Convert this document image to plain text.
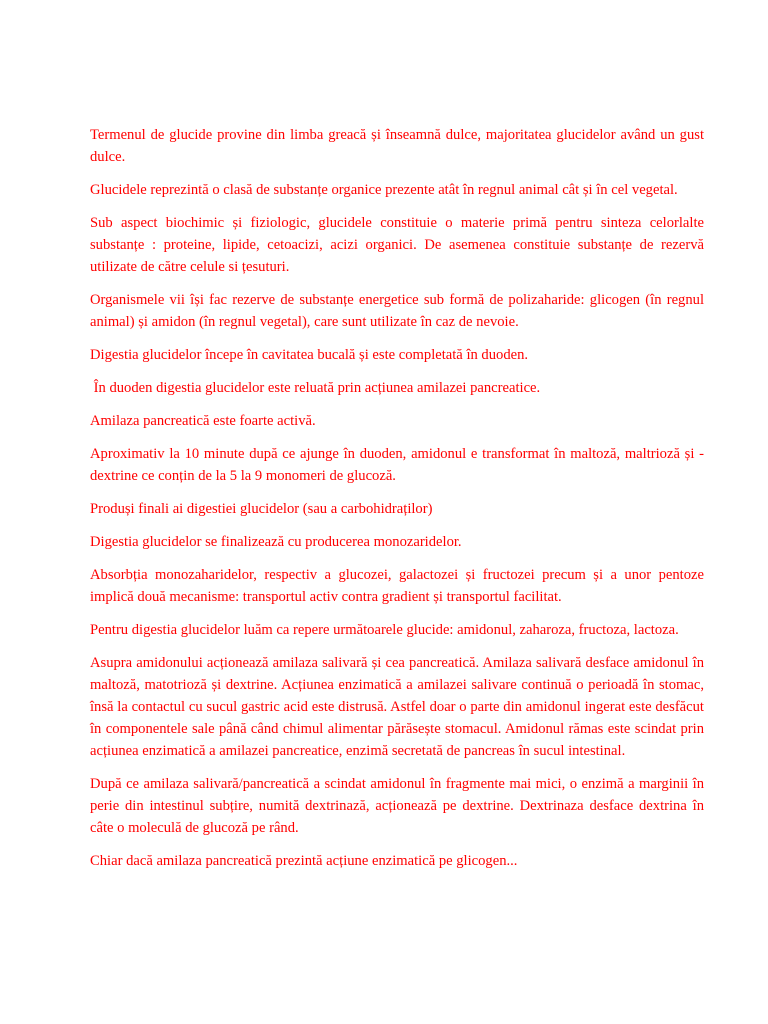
Termenul de glucide provine din limba greacă și înseamnă dulce, majoritatea glucidelor având un gust dulce.

Glucidele reprezintă o clasă de substanțe organice prezente atât în regnul animal cât și în cel vegetal.

Sub aspect biochimic și fiziologic, glucidele constituie o materie primă pentru sinteza celorlalte substanțe : proteine, lipide, cetoacizi, acizi organici. De asemenea constituie substanțe de rezervă utilizate de către celule si țesuturi.

Organismele vii își fac rezerve de substanțe energetice sub formă de polizaharide: glicogen (în regnul animal) și amidon (în regnul vegetal), care sunt utilizate în caz de nevoie.

Digestia glucidelor începe în cavitatea bucală și este completată în duoden.

În duoden digestia glucidelor este reluată prin acțiunea amilazei pancreatice.

Amilaza pancreatică este foarte activă.

Aproximativ la 10 minute după ce ajunge în duoden, amidonul e transformat în maltoză, maltrioză și -dextrine ce conțin de la 5 la 9 monomeri de glucoză.

Produși finali ai digestiei glucidelor (sau a carbohidraților)

Digestia glucidelor se finalizează cu producerea monozaridelor.

Absorbția monozaharidelor, respectiv a glucozei, galactozei și fructozei precum și a unor pentoze implică două mecanisme: transportul activ contra gradient și transportul facilitat.

Pentru digestia glucidelor luăm ca repere următoarele glucide: amidonul, zaharoza, fructoza, lactoza.

Asupra amidonului acționează amilaza salivară și cea pancreatică. Amilaza salivară desface amidonul în maltoză, matotrioză și dextrine. Acțiunea enzimatică a amilazei salivare continuă o perioadă în stomac, însă la contactul cu sucul gastric acid este distrusă. Astfel doar o parte din amidonul ingerat este desfăcut în componentele sale până când chimul alimentar părăsește stomacul. Amidonul rămas este scindat prin acțiunea enzimatică a amilazei pancreatice, enzimă secretată de pancreas în sucul intestinal.

După ce amilaza salivară/pancreatică a scindat amidonul în fragmente mai mici, o enzimă a marginii în perie din intestinul subțire, numită dextrinază, acționează pe dextrine. Dextrinaza desface dextrina în câte o moleculă de glucoză pe rând.

Chiar dacă amilaza pancreatică prezintă acțiune enzimatică pe glicogen...
